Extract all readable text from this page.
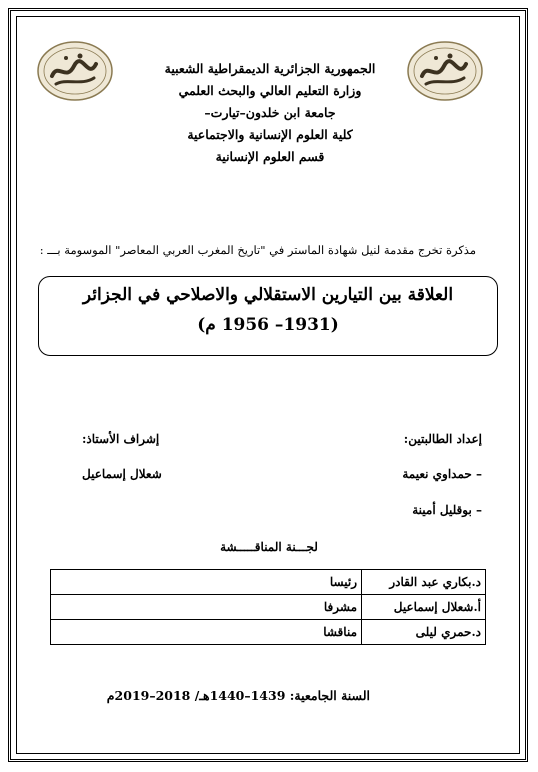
الجمهورية الجزائرية الديمقراطية الشعبية
وزارة التعليم العالي والبحث العلمي
جامعة ابن خلدون–تيارت–
كلية العلوم الإنسانية والاجتماعية
قسم العلوم الإنسانية
مذكرة تخرج مقدمة لنيل شهادة الماستر في "تاريخ المغرب العربي المعاصر" الموسومة بـــ :
العلاقة بين التيارين الاستقلالي والاصلاحي في الجزائر
(1931– 1956 م)
إعداد الطالبتين:
– حمداوي نعيمة
– بوقليل أمينة
إشراف الأستاذ:
شعلال إسماعيل
لجـــنة المناقـــــشة
د.بكاري عبد القادر	رئيسا
أ.شعلال إسماعيل	مشرفا
د.حمري ليلى	مناقشا
السنة الجامعية: 1439–1440هـ/ 2018–2019م
